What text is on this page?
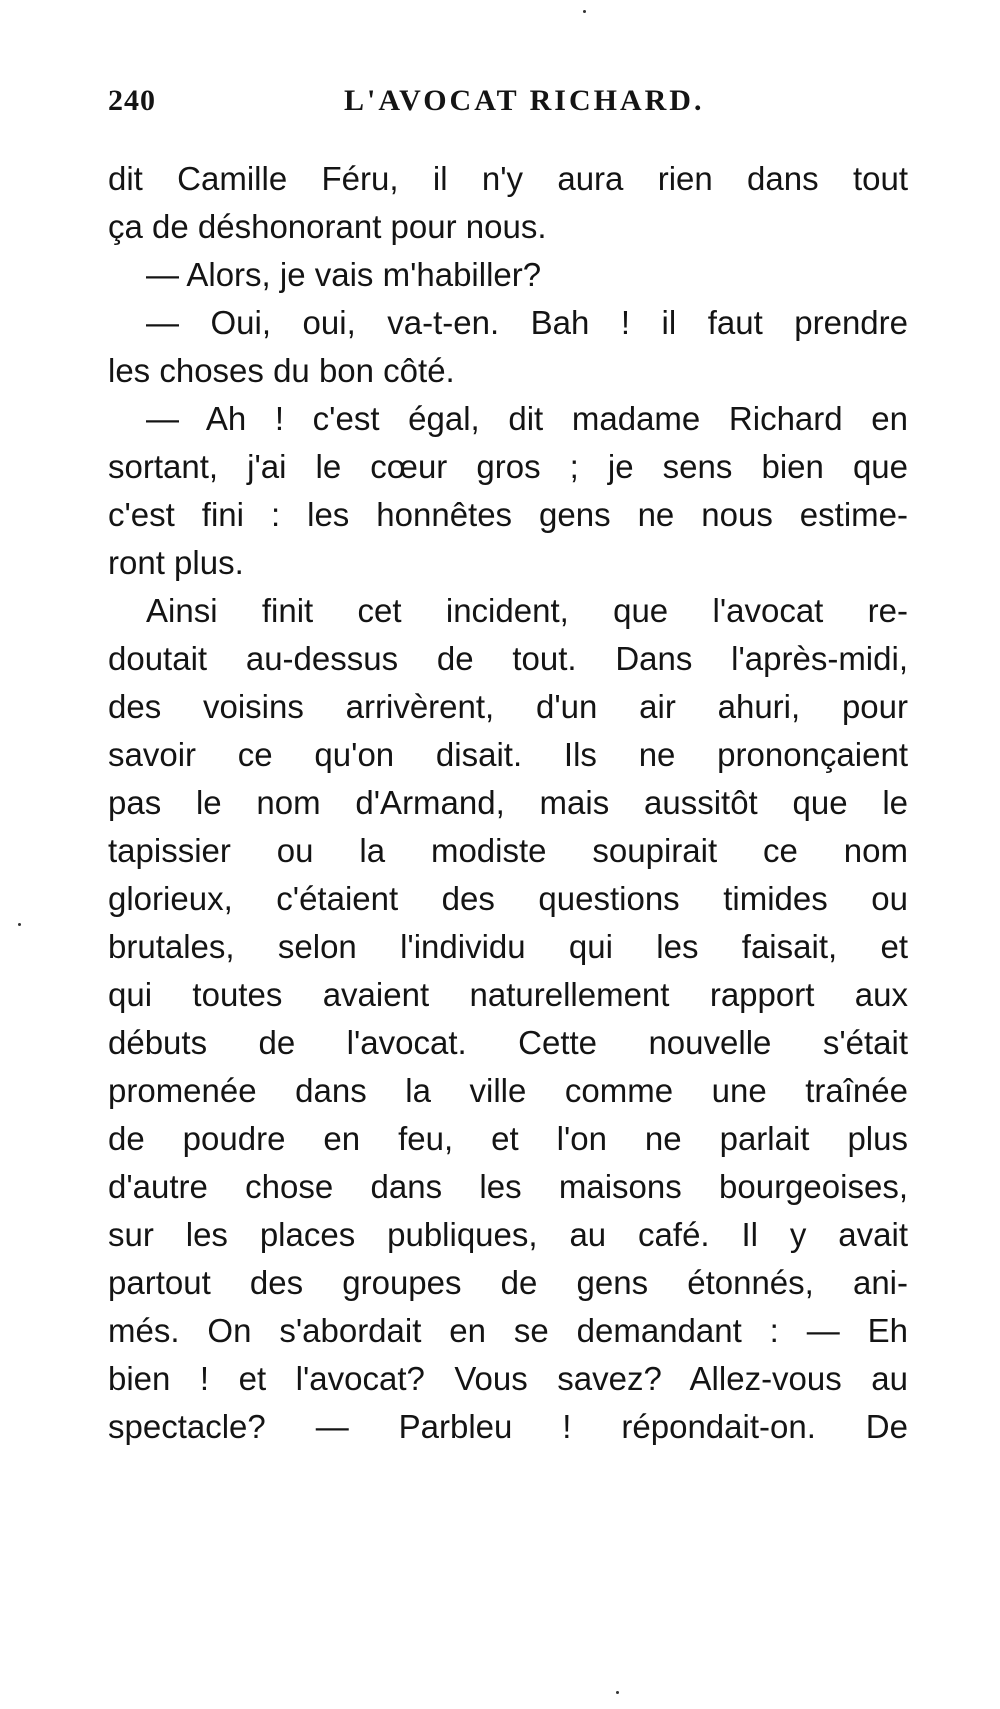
240	L'AVOCAT RICHARD.
dit Camille Féru, il n'y aura rien dans tout
ça de déshonorant pour nous.
— Alors, je vais m'habiller?
— Oui, oui, va-t-en. Bah ! il faut prendre
les choses du bon côté.
— Ah ! c'est égal, dit madame Richard en
sortant, j'ai le cœur gros ; je sens bien que
c'est fini : les honnêtes gens ne nous estime-
ront plus.
Ainsi finit cet incident, que l'avocat re-
doutait au-dessus de tout. Dans l'après-midi,
des voisins arrivèrent, d'un air ahuri, pour
savoir ce qu'on disait. Ils ne prononçaient
pas le nom d'Armand, mais aussitôt que le
tapissier ou la modiste soupirait ce nom
glorieux, c'étaient des questions timides ou
brutales, selon l'individu qui les faisait, et
qui toutes avaient naturellement rapport aux
débuts de l'avocat. Cette nouvelle s'était
promenée dans la ville comme une traînée
de poudre en feu, et l'on ne parlait plus
d'autre chose dans les maisons bourgeoises,
sur les places publiques, au café. Il y avait
partout des groupes de gens étonnés, ani-
més. On s'abordait en se demandant : — Eh
bien ! et l'avocat? Vous savez? Allez-vous au
spectacle? — Parbleu ! répondait-on. De
